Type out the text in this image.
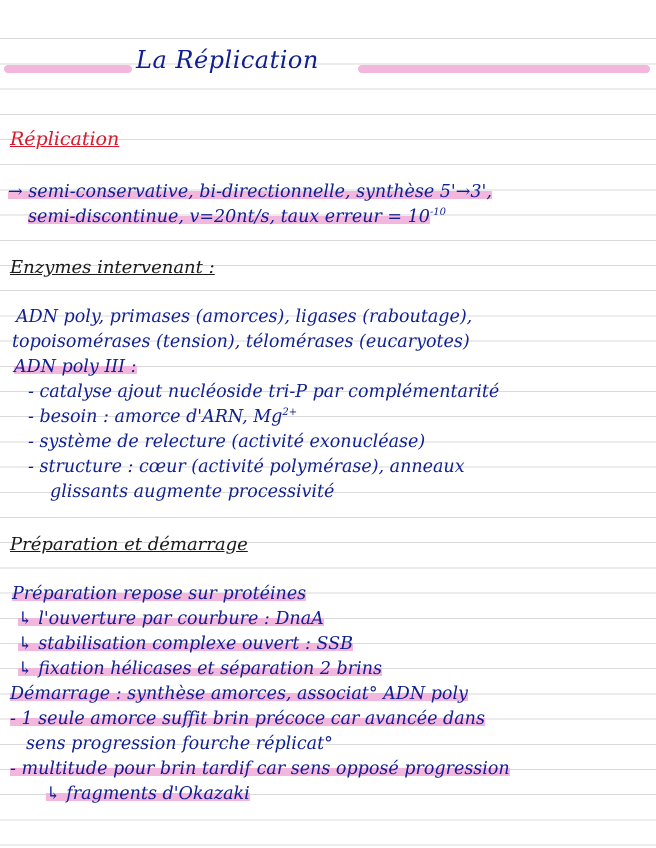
La Réplication
Réplication
→ semi-conservative, bi-directionnelle, synthèse 5'→3',
semi-discontinue, v=20nt/s, taux erreur = $10^{-10}$
Enzymes intervenant :
ADN poly, primases (amorces), ligases (raboutage),
topoisomérases (tension), télomérases (eucaryotes)
ADN poly III :
- catalyse ajout nucléoside tri-P par complémentarité
- besoin : amorce d'ARN, $Mg^{2+}$
- système de relecture (activité exonucléase)
- structure : cœur (activité polymérase), anneaux
glissants augmente processivité
Préparation et démarrage
Préparation repose sur protéines
↳ l'ouverture par courbure : DnaA
↳ stabilisation complexe ouvert : SSB
↳ fixation hélicases et séparation 2 brins
Démarrage : synthèse amorces, associat° ADN poly
- 1 seule amorce suffit brin précoce car avancée dans
sens progression fourche réplicat°
- multitude pour brin tardif car sens opposé progression
↳ fragments d'Okazaki
